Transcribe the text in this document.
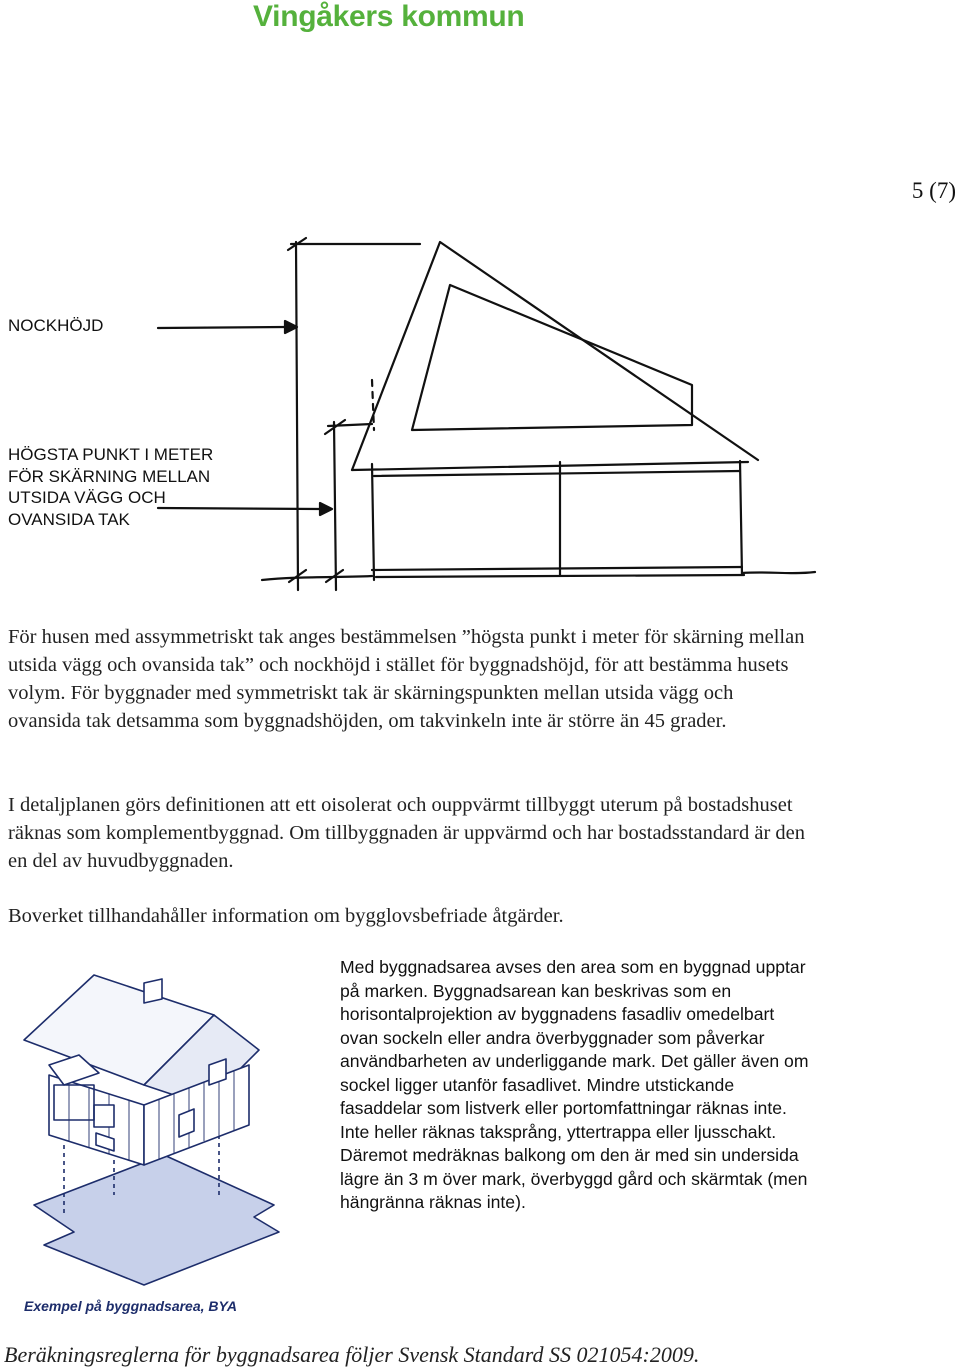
Vingåkers kommun
5 (7)
NOCKHÖJD
HÖGSTA PUNKT I METER
FÖR SKÄRNING MELLAN
UTSIDA VÄGG OCH
OVANSIDA TAK
För husen med assymmetriskt tak anges bestämmelsen ”högsta punkt i meter för skärning mellan utsida vägg och ovansida tak” och nockhöjd i stället för byggnadshöjd, för att bestämma husets volym. För byggnader med symmetriskt tak är skärningspunkten mellan utsida vägg och ovansida tak detsamma som byggnadshöjden, om takvinkeln inte är större än 45 grader.
I detaljplanen görs definitionen att ett oisolerat och ouppvärmt tillbyggt uterum på bostadshuset räknas som komplementbyggnad. Om tillbyggnaden är uppvärmd och har bostadsstandard är den en del av huvudbyggnaden.
Boverket tillhandahåller information om bygglovsbefriade åtgärder.
Med byggnadsarea avses den area som en byggnad upptar på marken. Byggnadsarean kan beskrivas som en horisontalprojektion av byggnadens fasadliv omedelbart ovan sockeln eller andra överbyggnader som påverkar användbarheten av underliggande mark. Det gäller även om sockel ligger utanför fasadlivet. Mindre utstickande fasaddelar som listverk eller portomfattningar räknas inte. Inte heller räknas taksprång, yttertrappa eller ljusschakt. Däremot medräknas balkong om den är med sin undersida lägre än 3 m över mark, överbyggd gård och skärmtak (men hängränna räknas inte).
Exempel på byggnadsarea, BYA
Beräkningsreglerna för byggnadsarea följer Svensk Standard SS 021054:2009.
